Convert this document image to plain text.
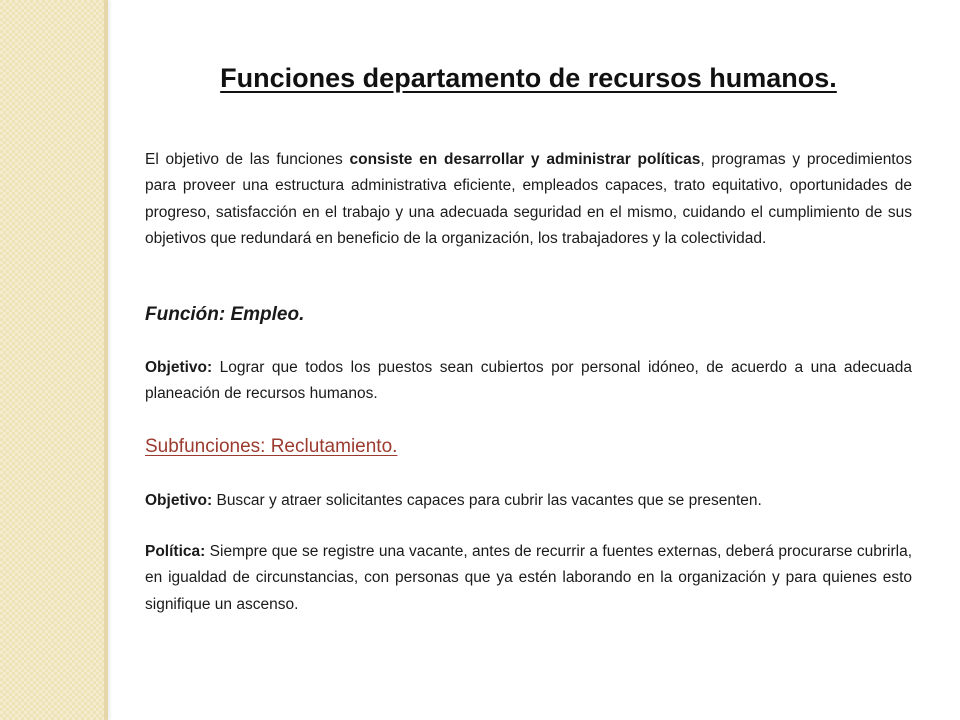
Funciones departamento de recursos humanos.

El objetivo de las funciones consiste en desarrollar y administrar políticas, programas y procedimientos para proveer una estructura administrativa eficiente, empleados capaces, trato equitativo, oportunidades de progreso, satisfacción en el trabajo y una adecuada seguridad en el mismo, cuidando el cumplimiento de sus objetivos que redundará en beneficio de la organización, los trabajadores y la colectividad.

Función: Empleo.

Objetivo: Lograr que todos los puestos sean cubiertos por personal idóneo, de acuerdo a una adecuada planeación de recursos humanos.

Subfunciones: Reclutamiento.

Objetivo: Buscar y atraer solicitantes capaces para cubrir las vacantes que se presenten.

Política: Siempre que se registre una vacante, antes de recurrir a fuentes externas, deberá procurarse cubrirla, en igualdad de circunstancias, con personas que ya estén laborando en la organización y para quienes esto signifique un ascenso.
